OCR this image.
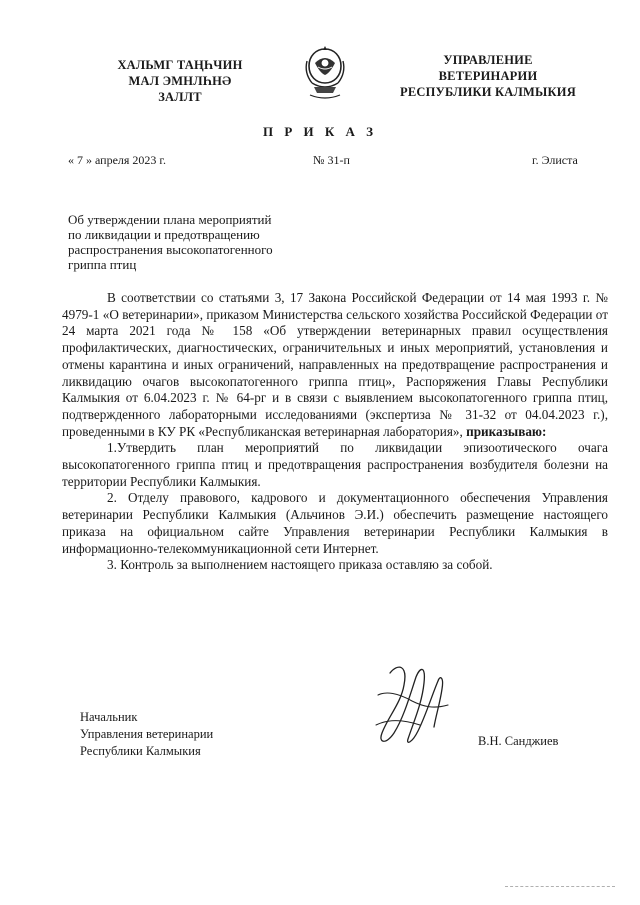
ХАЛЬМГ ТАҢҺЧИН
МАЛ ЭМНЛҺНӘ
ЗАЛЛТ
УПРАВЛЕНИЕ
ВЕТЕРИНАРИИ
РЕСПУБЛИКИ КАЛМЫКИЯ
П Р И К А З
« 7 » апреля 2023 г.	№ 31-п	г. Элиста
Об утверждении плана мероприятий
по ликвидации и предотвращению
распространения высокопатогенного
гриппа птиц

В соответствии со статьями 3, 17 Закона Российской Федерации от 14 мая 1993 г. № 4979-1 «О ветеринарии», приказом Министерства сельского хозяйства Российской Федерации от 24 марта 2021 года № 158 «Об утверждении ветеринарных правил осуществления профилактических, диагностических, ограничительных и иных мероприятий, установления и отмены карантина и иных ограничений, направленных на предотвращение распространения и ликвидацию очагов высокопатогенного гриппа птиц», Распоряжения Главы Республики Калмыкия от 6.04.2023 г. № 64-рг и в связи с выявлением высокопатогенного гриппа птиц, подтвержденного лабораторными исследованиями (экспертиза № 31-32 от 04.04.2023 г.), проведенными в КУ РК «Республиканская ветеринарная лаборатория», приказываю:

1.Утвердить план мероприятий по ликвидации эпизоотического очага высокопатогенного гриппа птиц и предотвращения распространения возбудителя болезни на территории Республики Калмыкия.

2. Отделу правового, кадрового и документационного обеспечения Управления ветеринарии Республики Калмыкия (Альчинов Э.И.) обеспечить размещение настоящего приказа на официальном сайте Управления ветеринарии Республики Калмыкия в информационно-телекоммуникационной сети Интернет.

3. Контроль за выполнением настоящего приказа оставляю за собой.

Начальник
Управления ветеринарии
Республики Калмыкия
В.Н. Санджиев
